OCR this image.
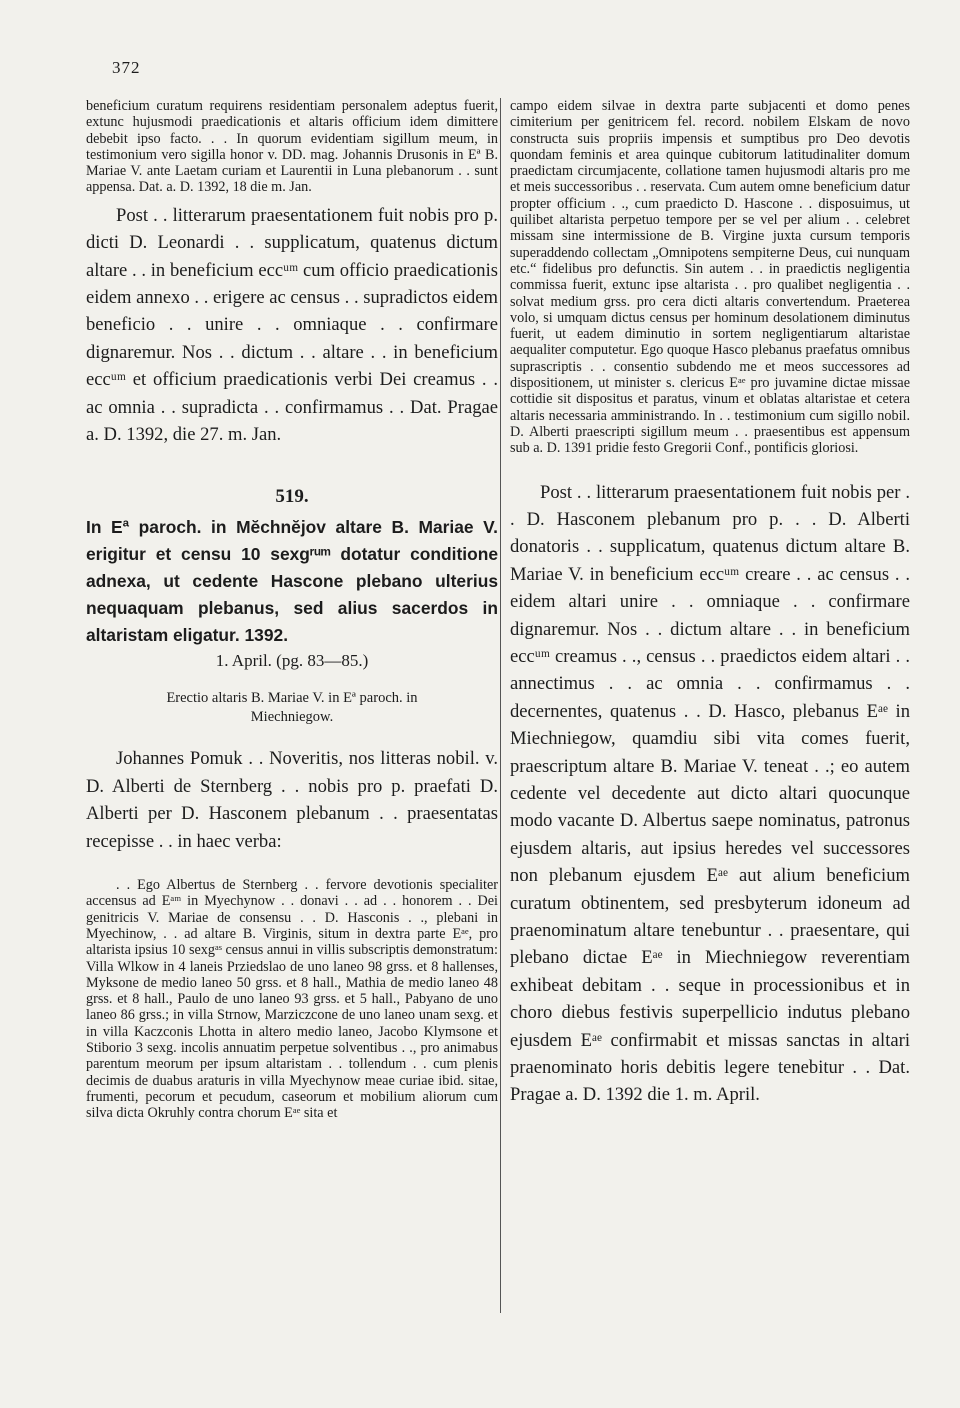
372

beneficium curatum requirens residentiam personalem adeptus fuerit, extunc hujusmodi praedicationis et altaris officium idem dimittere debebit ipso facto. . . In quorum evidentiam sigillum meum, in testimonium vero sigilla honor v. DD. mag. Johannis Drusonis in Eª B. Mariae V. ante Laetam curiam et Laurentii in Luna plebanorum . . sunt appensa. Dat. a. D. 1392, 18 die m. Jan.

Post . . litterarum praesentationem fuit nobis pro p. dicti D. Leonardi . . supplicatum, quatenus dictum altare . . in beneficium eccᵘᵐ cum officio praedicationis eidem annexo . . erigere ac census . . supradictos eidem beneficio . . unire . . omniaque . . confirmare dignaremur. Nos . . dictum . . altare . . in beneficium eccᵘᵐ et officium praedicationis verbi Dei creamus . . ac omnia . . supradicta . . confirmamus . . Dat. Pragae a. D. 1392, die 27. m. Jan.

519.

In Eª paroch. in Mĕchnĕjov altare B. Mariae V. erigitur et censu 10 sexgʳᵘᵐ dotatur conditione adnexa, ut cedente Hascone plebano ulterius nequaquam plebanus, sed alius sacerdos in altaristam eligatur. 1392.

1. April. (pg. 83—85.)
Erectio altaris B. Mariae V. in Eª paroch. in
Miechniegow.

Johannes Pomuk . . Noveritis, nos litteras nobil. v. D. Alberti de Sternberg . . nobis pro p. praefati D. Alberti per D. Hasconem plebanum . . praesentatas recepisse . . in haec verba:

. . Ego Albertus de Sternberg . . fervore devotionis specialiter accensus ad Eᵃᵐ in Myechynow . . donavi . . ad . . honorem . . Dei genitricis V. Mariae de consensu . . D. Hasconis . ., plebani in Myechinow, . . ad altare B. Virginis, situm in dextra parte Eᵃᵉ, pro altarista ipsius 10 sexgᵃˢ census annui in villis subscriptis demonstratum: Villa Wlkow in 4 laneis Prziedslao de uno laneo 98 grss. et 8 hallenses, Myksone de medio laneo 50 grss. et 8 hall., Mathia de medio laneo 48 grss. et 8 hall., Paulo de uno laneo 93 grss. et 5 hall., Pabyano de uno laneo 86 grss.; in villa Strnow, Marziczcone de uno laneo unam sexg. et in villa Kaczconis Lhotta in altero medio laneo, Jacobo Klymsone et Stiborio 3 sexg. incolis annuatim perpetue solventibus . ., pro animabus parentum meorum per ipsum altaristam . . tollendum . . cum plenis decimis de duabus araturis in villa Myechynow meae curiae ibid. sitae, frumenti, pecorum et pecudum, caseorum et mobilium aliorum cum silva dicta Okruhly contra chorum Eᵃᵉ sita et

campo eidem silvae in dextra parte subjacenti et domo penes cimiterium per genitricem fel. record. nobilem Elskam de novo constructa suis propriis impensis et sumptibus pro Deo devotis quondam feminis et area quinque cubitorum latitudinaliter domum praedictam circumjacente, collatione tamen hujusmodi altaris pro me et meis successoribus . . reservata. Cum autem omne beneficium datur propter officium . ., cum praedicto D. Hascone . . disposuimus, ut quilibet altarista perpetuo tempore per se vel per alium . . celebret missam sine intermissione de B. Virgine juxta cursum temporis superaddendo collectam „Omnipotens sempiterne Deus, cui nunquam etc.“ fidelibus pro defunctis. Sin autem . . in praedictis negligentia commissa fuerit, extunc ipse altarista . . pro qualibet negligentia . . solvat medium grss. pro cera dicti altaris convertendum. Praeterea volo, si umquam dictus census per hominum desolationem diminutus fuerit, ut eadem diminutio in sortem negligentiarum altaristae aequaliter computetur. Ego quoque Hasco plebanus praefatus omnibus suprascriptis . . consentio subdendo me et meos successores ad dispositionem, ut minister s. clericus Eᵃᵉ pro juvamine dictae missae cottidie sit dispositus et paratus, vinum et oblatas altaristae et cetera altaris necessaria amministrando. In . . testimonium cum sigillo nobil. D. Alberti praescripti sigillum meum . . praesentibus est appensum sub a. D. 1391 pridie festo Gregorii Conf., pontificis gloriosi.

Post . . litterarum praesentationem fuit nobis per . . D. Hasconem plebanum pro p. . . D. Alberti donatoris . . supplicatum, quatenus dictum altare B. Mariae V. in beneficium eccᵘᵐ creare . . ac census . . eidem altari unire . . omniaque . . confirmare dignaremur. Nos . . dictum altare . . in beneficium eccᵘᵐ creamus . ., census . . praedictos eidem altari . . annectimus . . ac omnia . . confirmamus . . decernentes, quatenus . . D. Hasco, plebanus Eᵃᵉ in Miechniegow, quamdiu sibi vita comes fuerit, praescriptum altare B. Mariae V. teneat . .; eo autem cedente vel decedente aut dicto altari quocunque modo vacante D. Albertus saepe nominatus, patronus ejusdem altaris, aut ipsius heredes vel successores non plebanum ejusdem Eᵃᵉ aut alium beneficium curatum obtinentem, sed presbyterum idoneum ad praenominatum altare tenebuntur . . praesentare, qui plebano dictae Eᵃᵉ in Miechniegow reverentiam exhibeat debitam . . seque in processionibus et in choro diebus festivis superpellicio indutus plebano ejusdem Eᵃᵉ confirmabit et missas sanctas in altari praenominato horis debitis legere tenebitur . . Dat. Pragae a. D. 1392 die 1. m. April.
